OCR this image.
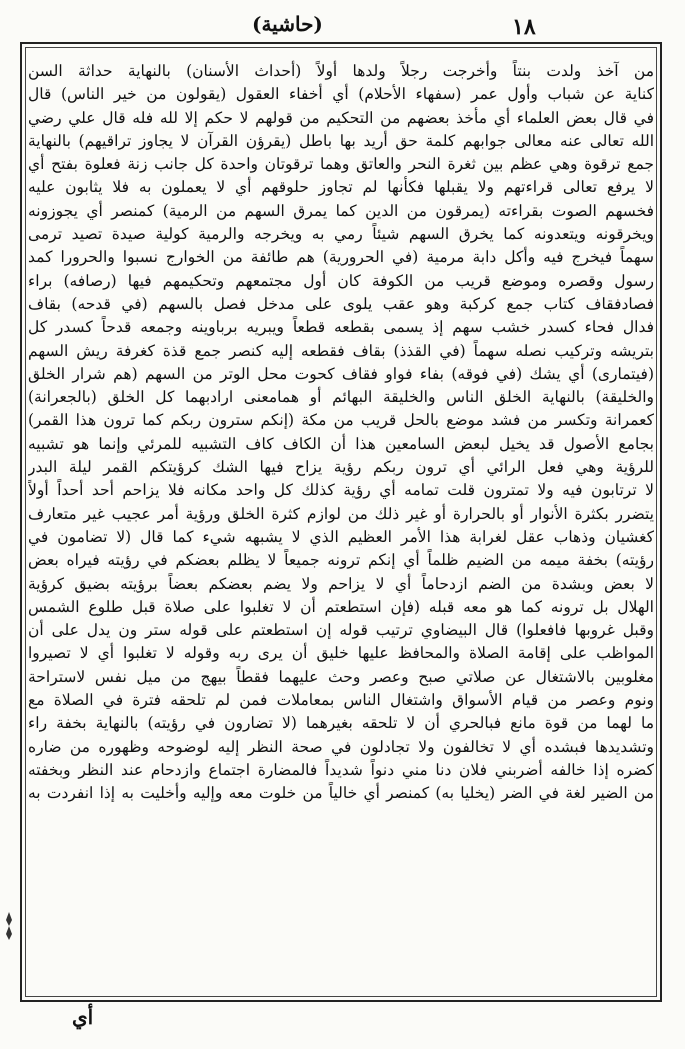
١٨
(حاشية)
من آخذ ولدت بنتاً وأخرجت رجلاً ولدها أولاً (أحداث الأسنان) بالنهاية حداثة السن
كناية عن شباب وأول عمر (سفهاء الأحلام) أي أخفاء العقول (يقولون من خير الناس) قال
في قال بعض العلماء أي مأخذ بعضهم من التحكيم من قولهم لا حكم إلا لله فله قال علي رضي
الله تعالى عنه معالى جوابهم كلمة حق أريد بها باطل (يقرؤن القرآن لا يجاوز تراقيهم) بالنهاية
جمع ترقوة وهي عظم بين ثغرة النحر والعاتق وهما ترقوتان واحدة كل جانب زنة فعلوة بفتح أي
لا يرفع تعالى قراءتهم ولا يقبلها فكأنها لم تجاوز حلوقهم أي لا يعملون به فلا يثابون عليه
فخسهم الصوت بقراءته (يمرقون من الدين كما يمرق السهم من الرمية) كمنصر أي يجوزونه
ويخرقونه ويتعدونه كما يخرق السهم شيئاً رمي به ويخرجه والرمية كولية صيدة تصيد ترمى
سهماً فيخرج فيه وأكل دابة مرمية (في الحرورية) هم طائفة من الخوارج نسبوا والحرورا كمد
رسول وقصره وموضع قريب من الكوفة كان أول مجتمعهم وتحكيمهم فيها (رصافه) براء
فصادفقاف كتاب جمع كركبة وهو عقب يلوى على مدخل فصل بالسهم (في قدحه) بقاف
فدال فحاء كسدر خشب سهم إذ يسمى بقطعه قطعاً ويبريه برباوينه وجمعه قدحاً كسدر كل
بتريشه وتركيب نصله سهماً (في القذذ) بقاف فقطعه إليه كنصر جمع قذة كغرفة ريش السهم
(فيتمارى) أي يشك (في فوقه) بفاء فواو فقاف كحوت محل الوتر من السهم (هم شرار الخلق
والخليقة) بالنهاية الخلق الناس والخليقة البهائم أو همامعنى ارادبهما كل الخلق (بالجعرانة)
كعمرانة وتكسر من فشد موضع بالحل قريب من مكة (إنكم سترون ربكم كما ترون هذا القمر)
بجامع الأصول قد يخيل لبعض السامعين هذا أن الكاف كاف التشبيه للمرئي وإنما هو تشبيه
للرؤية وهي فعل الرائي أي ترون ربكم رؤية يزاح فيها الشك كرؤيتكم القمر ليلة البدر
لا ترتابون فيه ولا تمترون قلت تمامه أي رؤية كذلك كل واحد مكانه فلا يزاحم أحد أحداً أولاً
يتضرر بكثرة الأنوار أو بالحرارة أو غير ذلك من لوازم كثرة الخلق ورؤية أمر عجيب غير متعارف
كغشيان وذهاب عقل لغرابة هذا الأمر العظيم الذي لا يشبهه شيء كما قال (لا تضامون في
رؤيته) بخفة ميمه من الضيم ظلماً أي إنكم ترونه جميعاً لا يظلم بعضكم في رؤيته فيراه بعض
لا بعض وبشدة من الضم ازدحاماً أي لا يزاحم ولا يضم بعضكم بعضاً برؤيته بضيق كرؤية
الهلال بل ترونه كما هو معه قبله (فإن استطعتم أن لا تغلبوا على صلاة قبل طلوع الشمس
وقبل غروبها فافعلوا) قال البيضاوي ترتيب قوله إن استطعتم على قوله ستر ون يدل على أن
المواظب على إقامة الصلاة والمحافظ عليها خليق أن يرى ربه وقوله لا تغلبوا أي لا تصيروا
مغلوبين بالاشتغال عن صلاتي صبح وعصر وحث عليهما فقطاً بيهج من ميل نفس لاستراحة
ونوم وعصر من قيام الأسواق واشتغال الناس بمعاملات فمن لم تلحقه فترة في الصلاة مع
ما لهما من قوة مانع فبالحري أن لا تلحقه بغيرهما (لا تضارون في رؤيته) بالنهاية بخفة راء
وتشديدها فبشده أي لا تخالفون ولا تجادلون في صحة النظر إليه لوضوحه وظهوره من ضاره
كضره إذا خالفه أضربني فلان دنا مني دنواً شديداً فالمضارة اجتماع وازدحام عند النظر وبخفته
من الضير لغة في الضر (يخليا به) كمنصر أي خالياً من خلوت معه وإليه وأخليت به إذا انفردت به
أي
